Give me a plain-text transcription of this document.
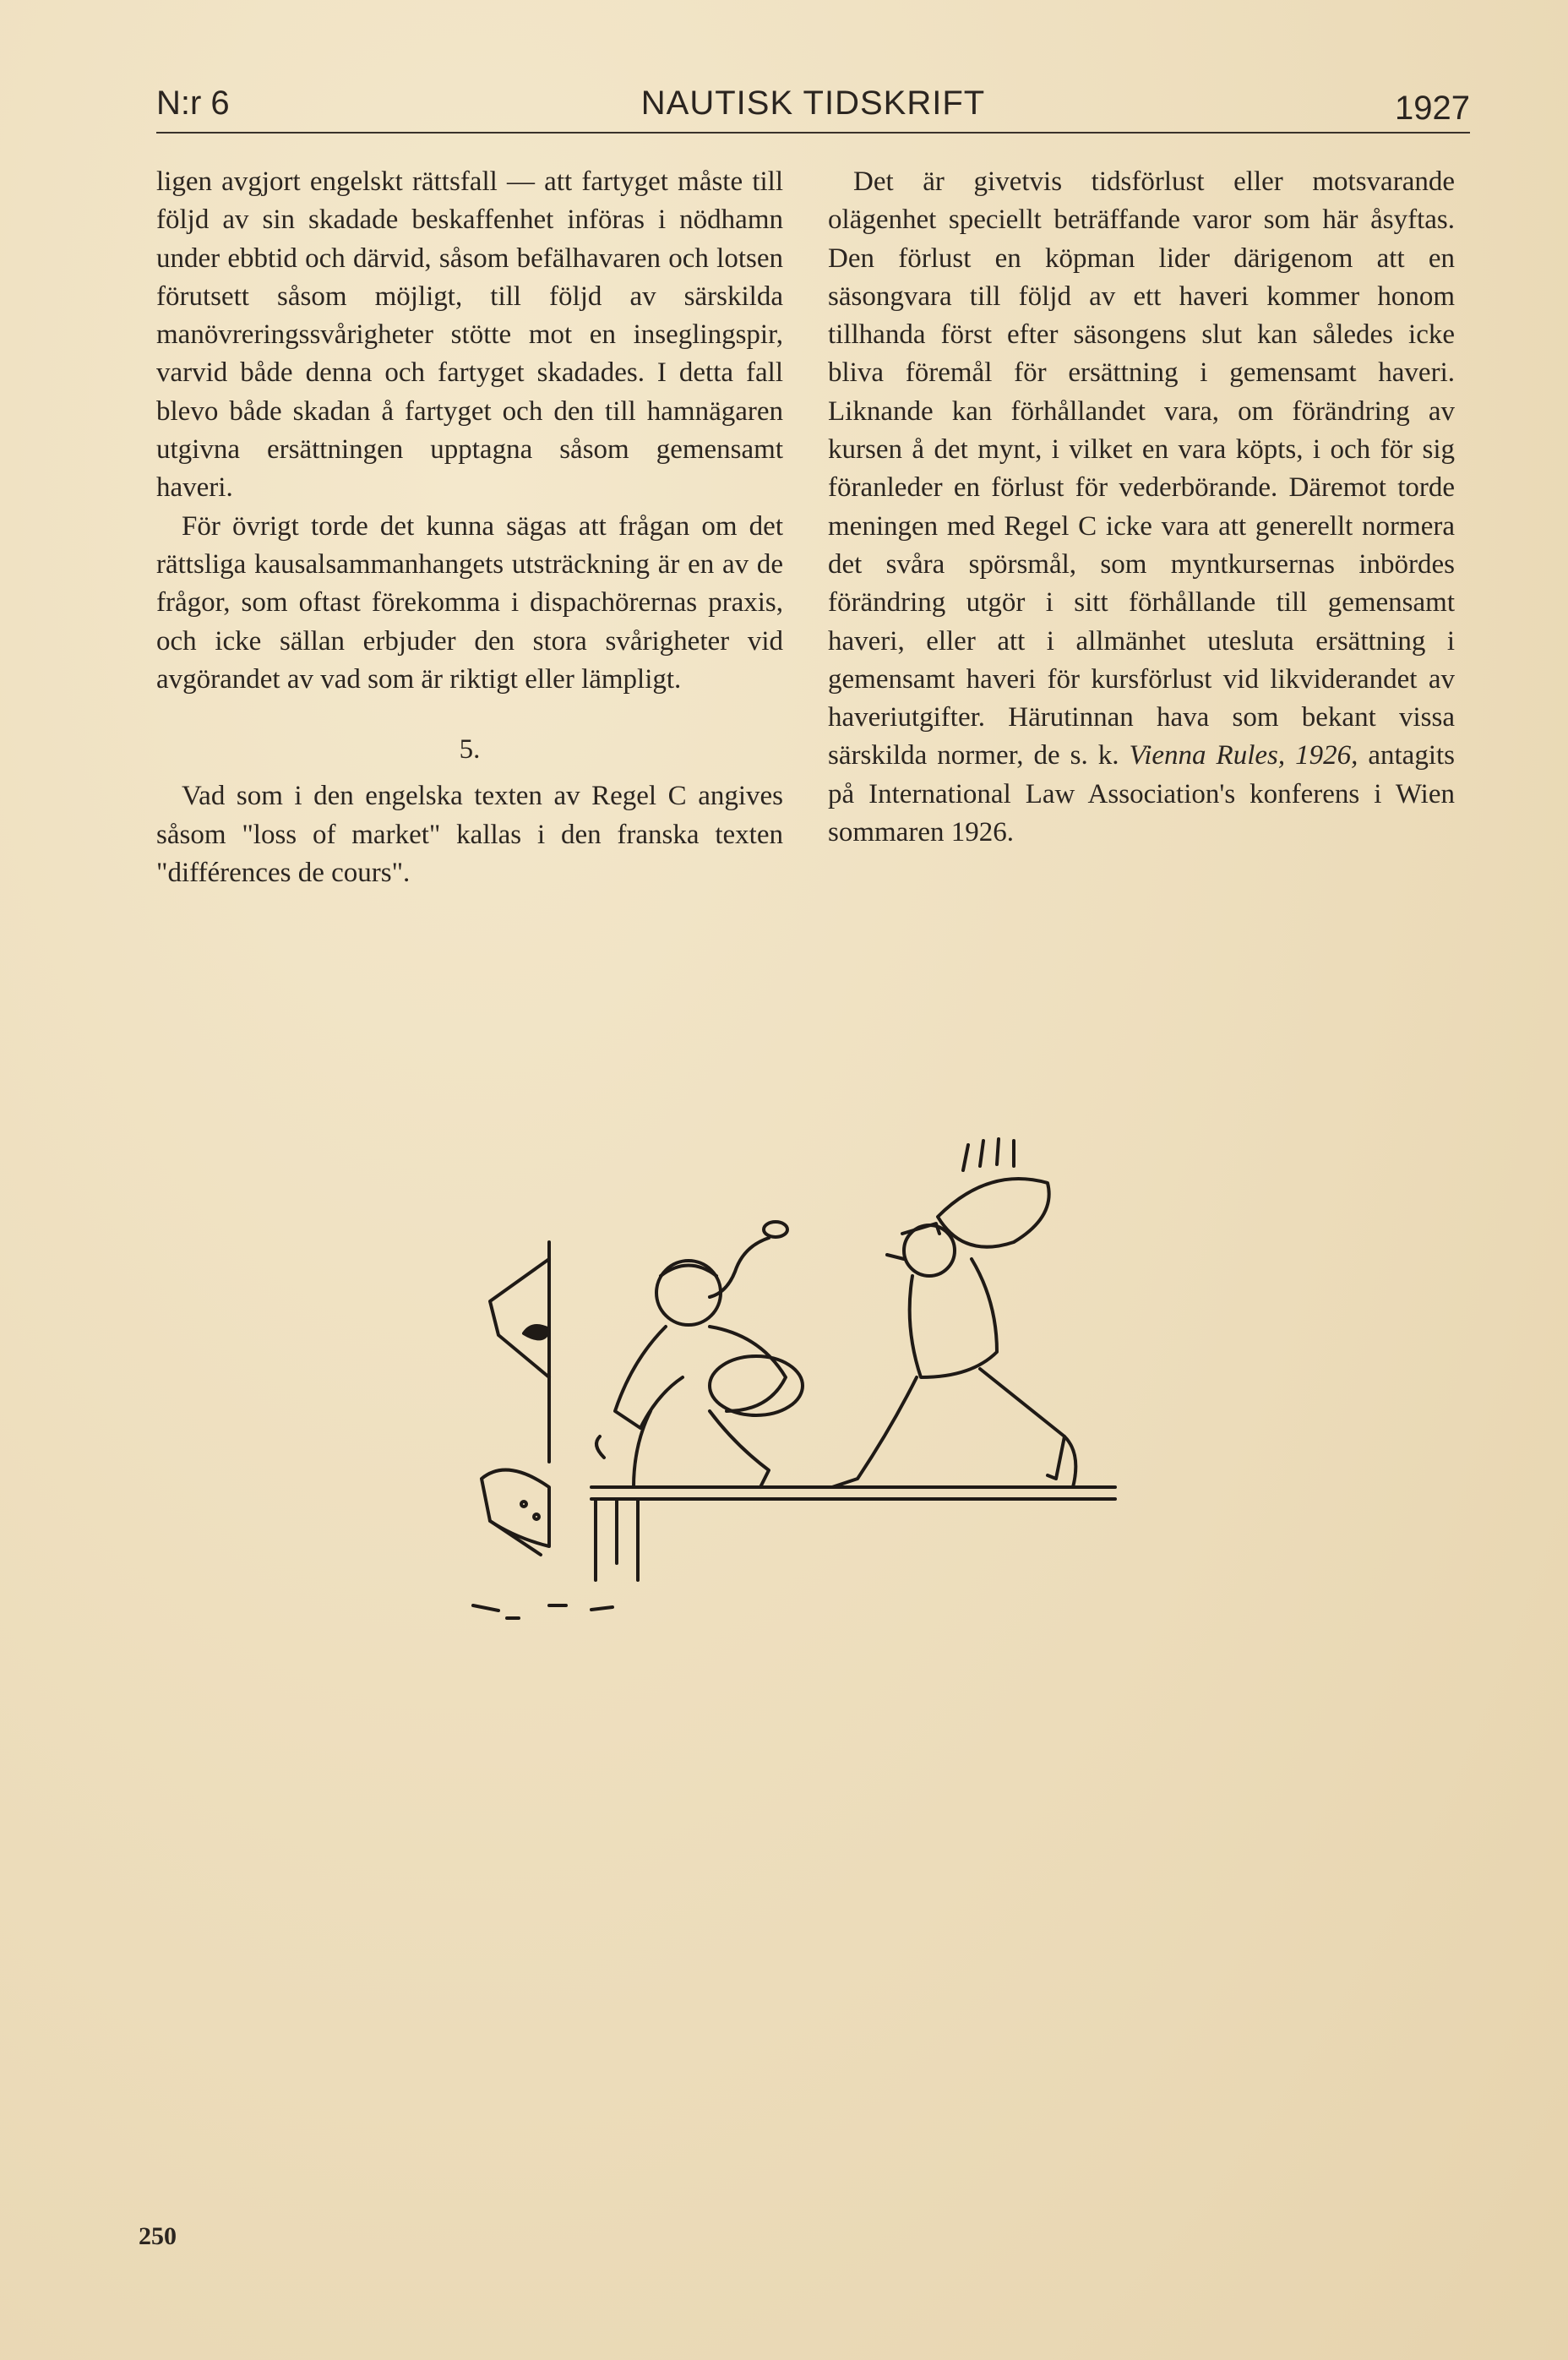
N:r 6	NAUTISK TIDSKRIFT	1927

ligen avgjort engelskt rättsfall — att fartyget måste till följd av sin skadade beskaffenhet införas i nödhamn under ebbtid och därvid, såsom befälhavaren och lotsen förutsett såsom möjligt, till följd av särskilda manövreringssvårigheter stötte mot en inseglingspir, varvid både denna och fartyget skadades. I detta fall blevo både skadan å fartyget och den till hamnägaren utgivna ersättningen upptagna såsom gemensamt haveri.

För övrigt torde det kunna sägas att frågan om det rättsliga kausalsammanhangets utsträckning är en av de frågor, som oftast förekomma i dispachörernas praxis, och icke sällan erbjuder den stora svårigheter vid avgörandet av vad som är riktigt eller lämpligt.

5.

Vad som i den engelska texten av Regel C angives såsom "loss of market" kallas i den franska texten "différences de cours".

Det är givetvis tidsförlust eller motsvarande olägenhet speciellt beträffande varor som här åsyftas. Den förlust en köpman lider därigenom att en säsongvara till följd av ett haveri kommer honom tillhanda först efter säsongens slut kan således icke bliva föremål för ersättning i gemensamt haveri. Liknande kan förhållandet vara, om förändring av kursen å det mynt, i vilket en vara köpts, i och för sig föranleder en förlust för vederbörande. Däremot torde meningen med Regel C icke vara att generellt normera det svåra spörsmål, som myntkursernas inbördes förändring utgör i sitt förhållande till gemensamt haveri, eller att i allmänhet utesluta ersättning i gemensamt haveri för kursförlust vid likviderandet av haveriutgifter. Härutinnan hava som bekant vissa särskilda normer, de s. k. Vienna Rules, 1926, antagits på International Law Association's konferens i Wien sommaren 1926.

250
